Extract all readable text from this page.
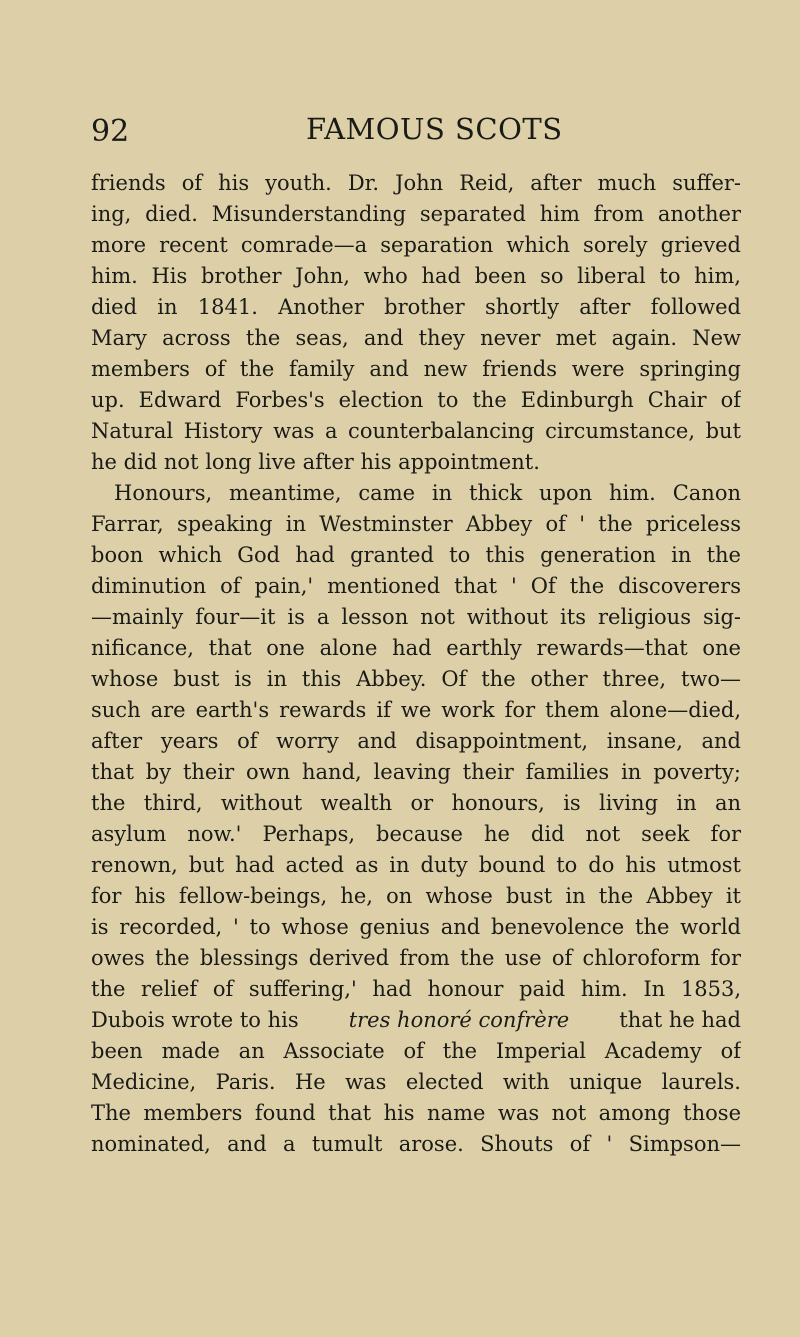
92	FAMOUS SCOTS
friends of his youth. Dr. John Reid, after much suffer-
ing, died. Misunderstanding separated him from another
more recent comrade—a separation which sorely grieved
him. His brother John, who had been so liberal to him,
died in 1841. Another brother shortly after followed
Mary across the seas, and they never met again. New
members of the family and new friends were springing
up. Edward Forbes's election to the Edinburgh Chair of
Natural History was a counterbalancing circumstance, but
he did not long live after his appointment.
Honours, meantime, came in thick upon him. Canon
Farrar, speaking in Westminster Abbey of ' the priceless
boon which God had granted to this generation in the
diminution of pain,' mentioned that ' Of the discoverers
—mainly four—it is a lesson not without its religious sig-
nificance, that one alone had earthly rewards—that one
whose bust is in this Abbey. Of the other three, two—
such are earth's rewards if we work for them alone—died,
after years of worry and disappointment, insane, and
that by their own hand, leaving their families in poverty;
the third, without wealth or honours, is living in an
asylum now.' Perhaps, because he did not seek for
renown, but had acted as in duty bound to do his utmost
for his fellow-beings, he, on whose bust in the Abbey it
is recorded, ' to whose genius and benevolence the world
owes the blessings derived from the use of chloroform for
the relief of suffering,' had honour paid him. In 1853,
Dubois wrote to his tres honoré confrère that he had
been made an Associate of the Imperial Academy of
Medicine, Paris. He was elected with unique laurels.
The members found that his name was not among those
nominated, and a tumult arose. Shouts of ' Simpson—
